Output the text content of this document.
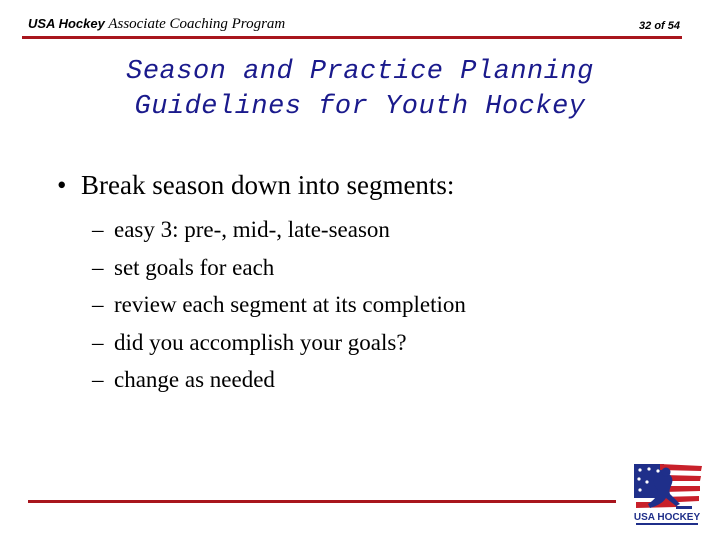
USA Hockey Associate Coaching Program	32 of 54
Season and Practice Planning
Guidelines for Youth Hockey
• Break season down into segments:
– easy 3: pre-, mid-, late-season
– set goals for each
– review each segment at its completion
– did you accomplish your goals?
– change as needed
USA HOCKEY
